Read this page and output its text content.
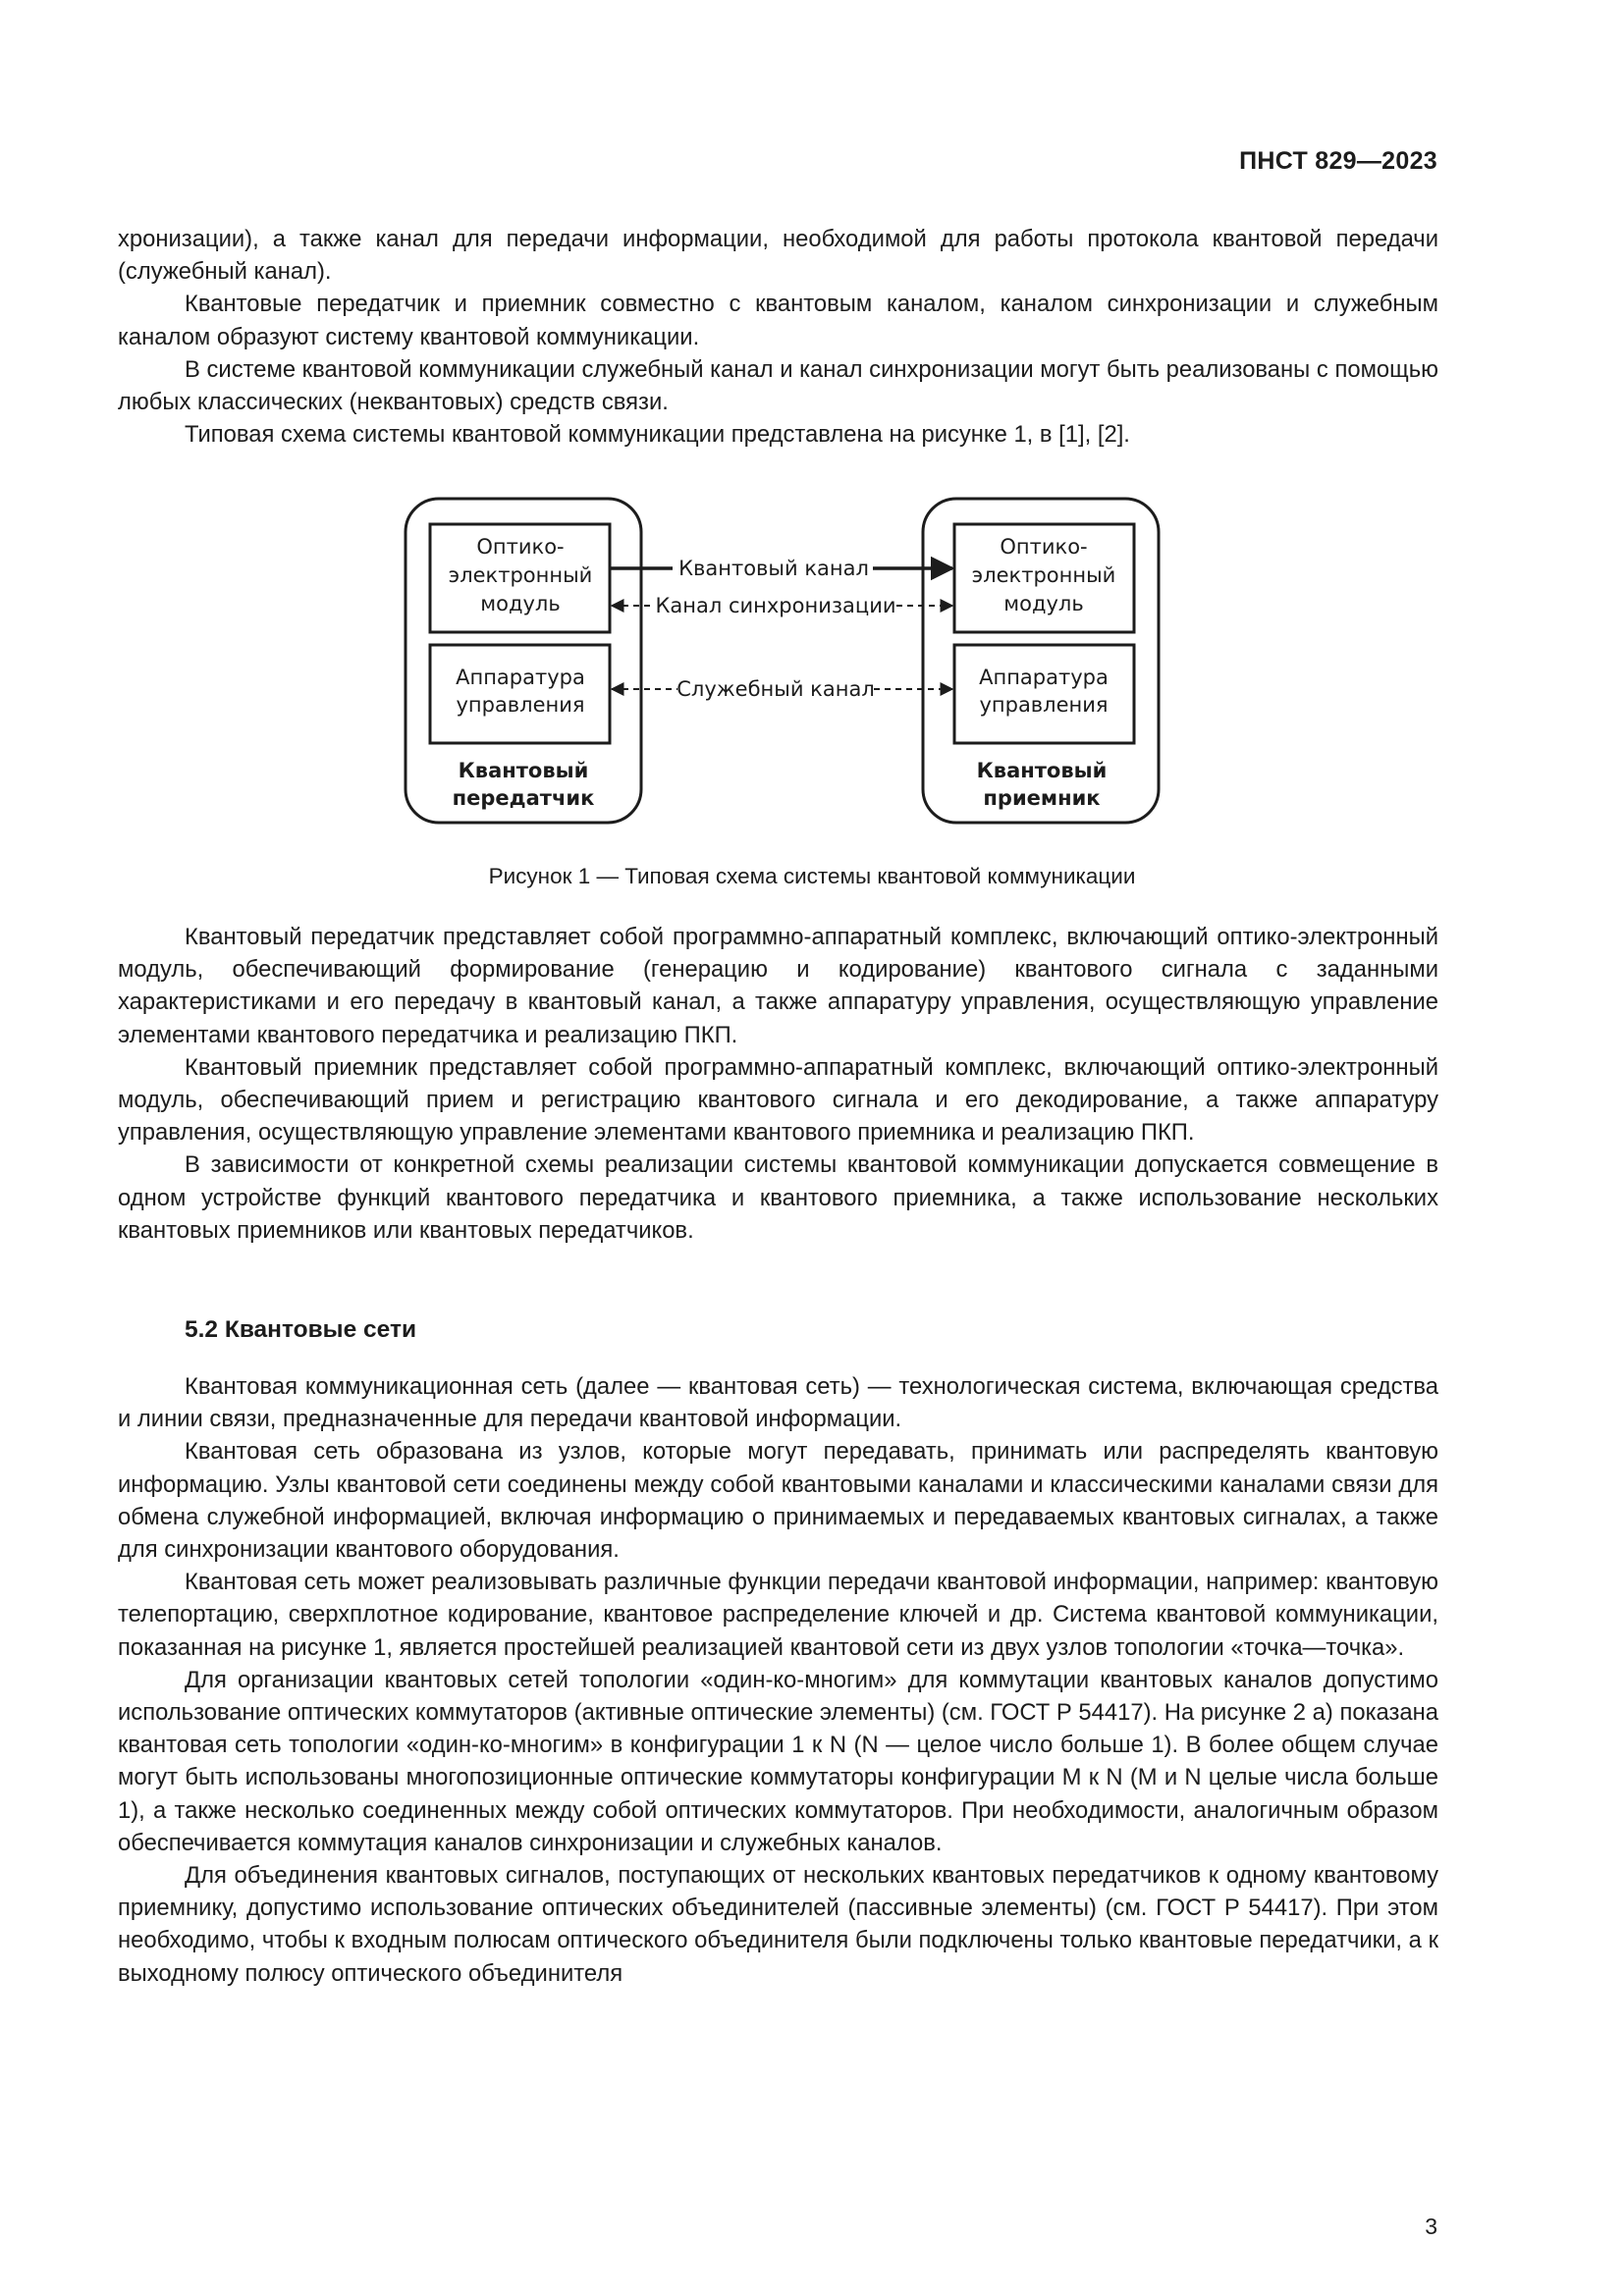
ПНСТ 829—2023

хронизации), а также канал для передачи информации, необходимой для работы протокола квантовой передачи (служебный канал).

Квантовые передатчик и приемник совместно с квантовым каналом, каналом синхронизации и служебным каналом образуют систему квантовой коммуникации.

В системе квантовой коммуникации служебный канал и канал синхронизации могут быть реализованы с помощью любых классических (неквантовых) средств связи.

Типовая схема системы квантовой коммуникации представлена на рисунке 1, в [1], [2].

Оптико-
электронный
модуль
Аппаратура
управления
Квантовый
передатчик
Оптико-
электронный
модуль
Аппаратура
управления
Квантовый
приемник
Квантовый канал
Канал синхронизации
Служебный канал
Рисунок 1 — Типовая схема системы квантовой коммуникации

Квантовый передатчик представляет собой программно-аппаратный комплекс, включающий оптико-электронный модуль, обеспечивающий формирование (генерацию и кодирование) квантового сигнала с заданными характеристиками и его передачу в квантовый канал, а также аппаратуру управления, осуществляющую управление элементами квантового передатчика и реализацию ПКП.

Квантовый приемник представляет собой программно-аппаратный комплекс, включающий оптико-электронный модуль, обеспечивающий прием и регистрацию квантового сигнала и его декодирование, а также аппаратуру управления, осуществляющую управление элементами квантового приемника и реализацию ПКП.

В зависимости от конкретной схемы реализации системы квантовой коммуникации допускается совмещение в одном устройстве функций квантового передатчика и квантового приемника, а также использование нескольких квантовых приемников или квантовых передатчиков.

5.2 Квантовые сети

Квантовая коммуникационная сеть (далее — квантовая сеть) — технологическая система, включающая средства и линии связи, предназначенные для передачи квантовой информации.

Квантовая сеть образована из узлов, которые могут передавать, принимать или распределять квантовую информацию. Узлы квантовой сети соединены между собой квантовыми каналами и классическими каналами связи для обмена служебной информацией, включая информацию о принимаемых и передаваемых квантовых сигналах, а также для синхронизации квантового оборудования.

Квантовая сеть может реализовывать различные функции передачи квантовой информации, например: квантовую телепортацию, сверхплотное кодирование, квантовое распределение ключей и др. Система квантовой коммуникации, показанная на рисунке 1, является простейшей реализацией квантовой сети из двух узлов топологии «точка—точка».

Для организации квантовых сетей топологии «один-ко-многим» для коммутации квантовых каналов допустимо использование оптических коммутаторов (активные оптические элементы) (см. ГОСТ Р 54417). На рисунке 2 а) показана квантовая сеть топологии «один-ко-многим» в конфигурации 1 к N (N — целое число больше 1). В более общем случае могут быть использованы многопозиционные оптические коммутаторы конфигурации M к N (M и N целые числа больше 1), а также несколько соединенных между собой оптических коммутаторов. При необходимости, аналогичным образом обеспечивается коммутация каналов синхронизации и служебных каналов.

Для объединения квантовых сигналов, поступающих от нескольких квантовых передатчиков к одному квантовому приемнику, допустимо использование оптических объединителей (пассивные элементы) (см. ГОСТ Р 54417). При этом необходимо, чтобы к входным полюсам оптического объединителя были подключены только квантовые передатчики, а к выходному полюсу оптического объединителя

3
